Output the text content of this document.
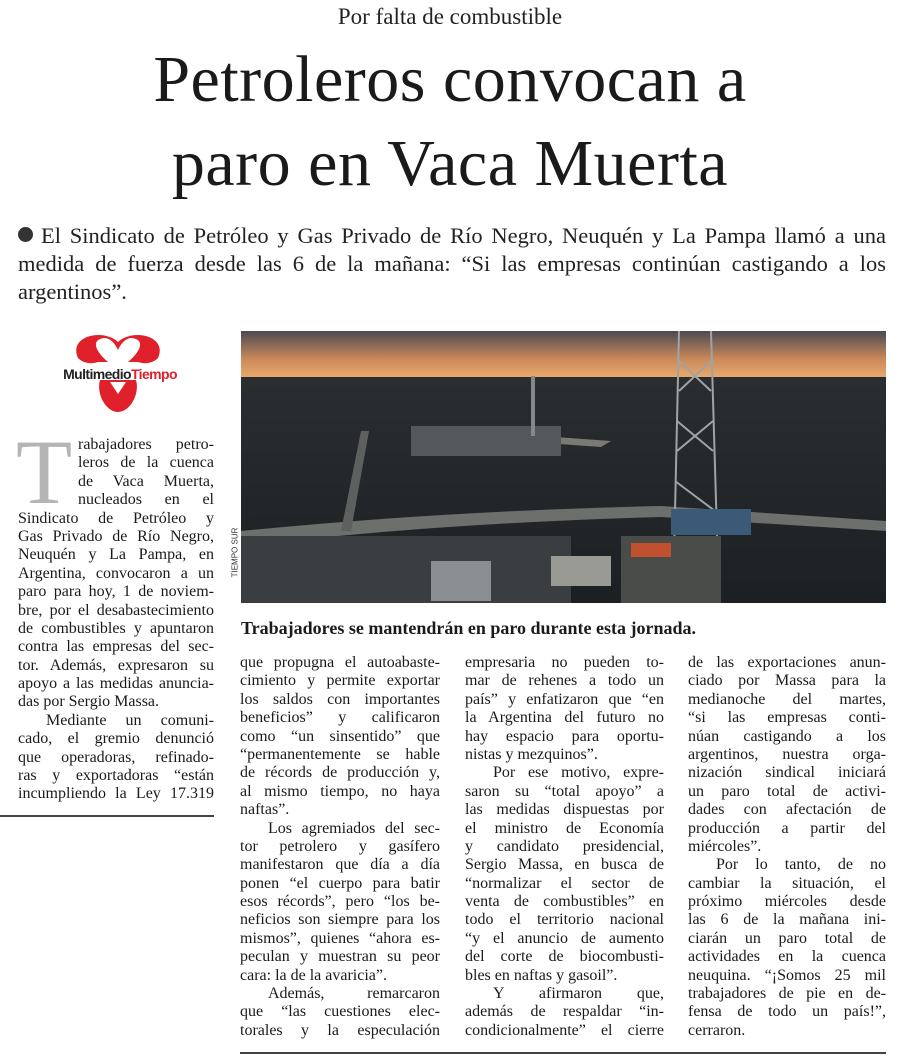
Por falta de combustible
Petroleros convocan a
paro en Vaca Muerta
El Sindicato de Petróleo y Gas Privado de Río Negro, Neuquén y La Pampa llamó a una medida de fuerza desde las 6 de la mañana: “Si las empresas continúan castigando a los argentinos”.
MultimedioTiempo
TIEMPO SUR
Trabajadores se mantendrán en paro durante esta jornada.
T rabajadores petro-
leros de la cuenca
de Vaca Muerta,
nucleados en el
Sindicato de Petróleo y
Gas Privado de Río Negro,
Neuquén y La Pampa, en
Argentina, convocaron a un
paro para hoy, 1 de noviem-
bre, por el desabastecimiento
de combustibles y apuntaron
contra las empresas del sec-
tor. Además, expresaron su
apoyo a las medidas anuncia-
das por Sergio Massa.
Mediante un comuni-
cado, el gremio denunció
que operadoras, refinado-
ras y exportadoras “están
incumpliendo la Ley 17.319
que propugna el autoabaste-
cimiento y permite exportar
los saldos con importantes
beneficios” y calificaron
como “un sinsentido” que
“permanentemente se hable
de récords de producción y,
al mismo tiempo, no haya
naftas”.
Los agremiados del sec-
tor petrolero y gasífero
manifestaron que día a día
ponen “el cuerpo para batir
esos récords”, pero “los be-
neficios son siempre para los
mismos”, quienes “ahora es-
peculan y muestran su peor
cara: la de la avaricia”.
Además, remarcaron
que “las cuestiones elec-
torales y la especulación
empresaria no pueden to-
mar de rehenes a todo un
país” y enfatizaron que “en
la Argentina del futuro no
hay espacio para oportu-
nistas y mezquinos”.
Por ese motivo, expre-
saron su “total apoyo” a
las medidas dispuestas por
el ministro de Economía
y candidato presidencial,
Sergio Massa, en busca de
“normalizar el sector de
venta de combustibles” en
todo el territorio nacional
“y el anuncio de aumento
del corte de biocombusti-
bles en naftas y gasoil”.
Y afirmaron que,
además de respaldar “in-
condicionalmente” el cierre
de las exportaciones anun-
ciado por Massa para la
medianoche del martes,
“si las empresas conti-
núan castigando a los
argentinos, nuestra orga-
nización sindical iniciará
un paro total de activi-
dades con afectación de
producción a partir del
miércoles”.
Por lo tanto, de no
cambiar la situación, el
próximo miércoles desde
las 6 de la mañana ini-
ciarán un paro total de
actividades en la cuenca
neuquina. “¡Somos 25 mil
trabajadores de pie en de-
fensa de todo un país!”,
cerraron.
